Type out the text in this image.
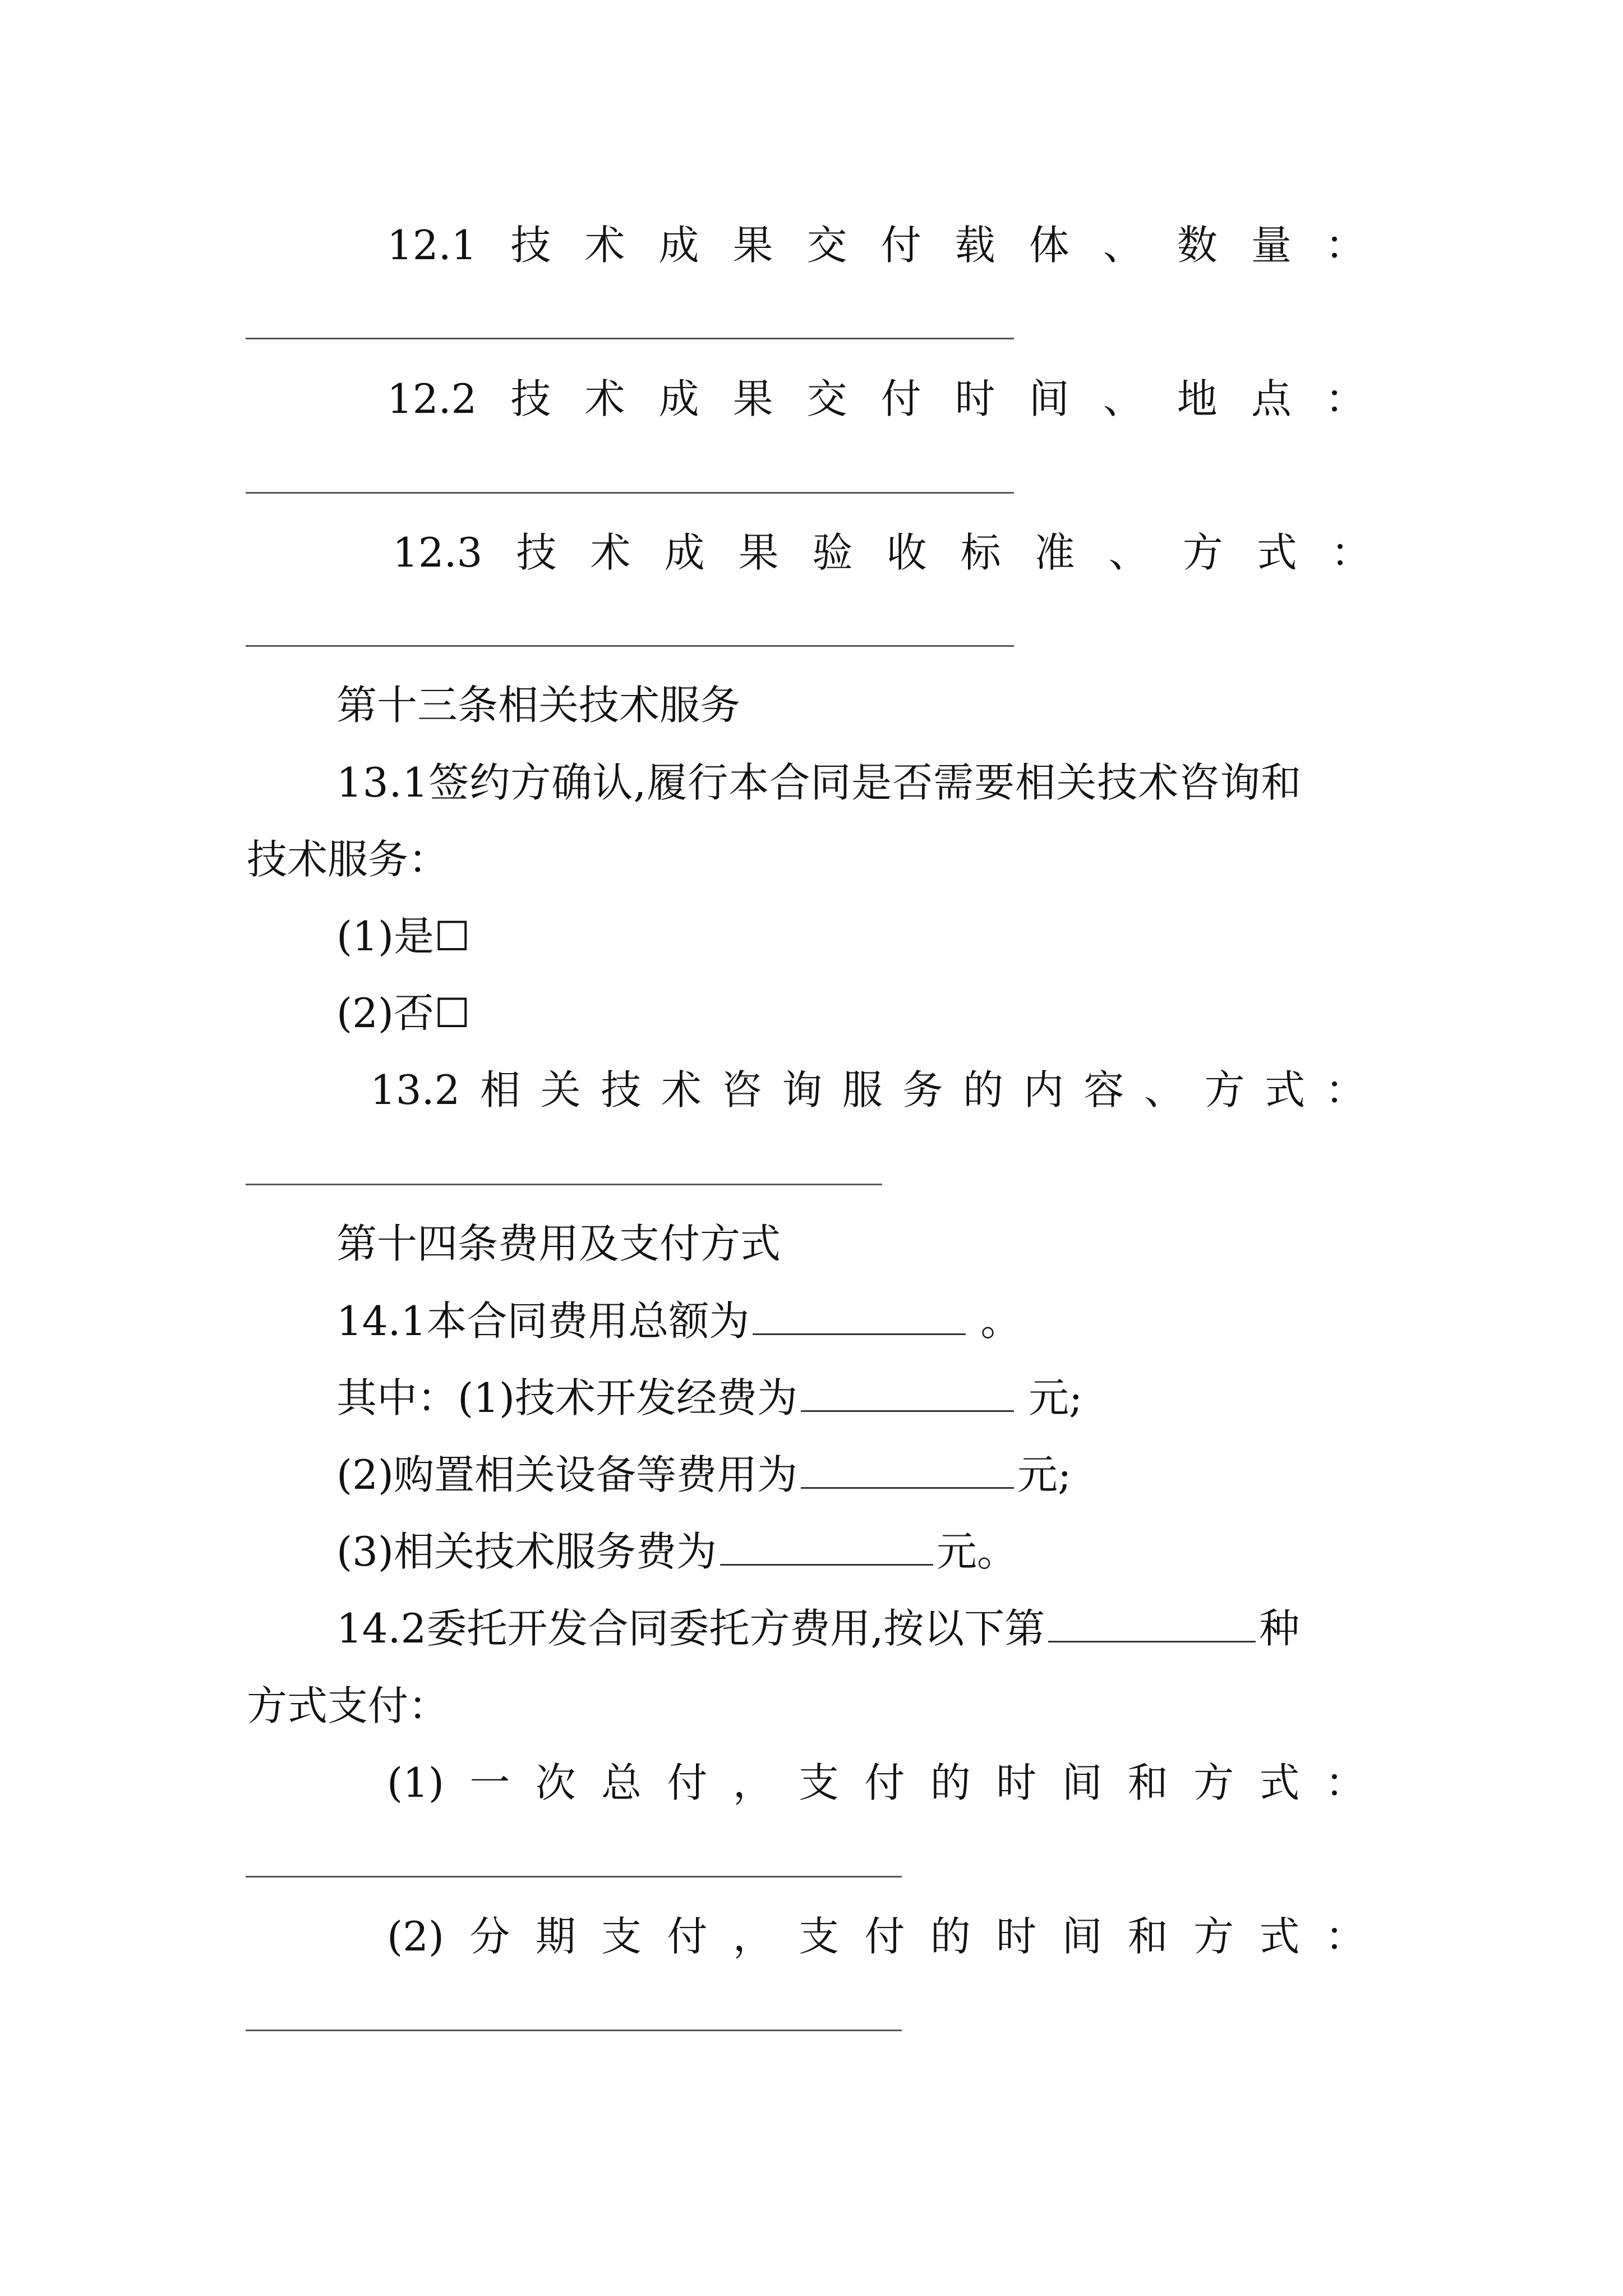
12.1 技 术 成 果 交 付 载 体 、 数 量 ：
12.2 技 术 成 果 交 付 时 间 、 地 点 ：
12.3 技 术 成 果 验 收 标 准 、 方 式 ：
第十三条相关技术服务
13.1签约方确认,履行本合同是否需要相关技术咨询和
技术服务：
(1)是☐
(2)否☐
13.2 相 关 技 术 咨 询 服 务 的 内 容 、 方 式 ：
第十四条费用及支付方式
14.1本合同费用总额为	。
其中：(1)技术开发经费为	元;
(2)购置相关设备等费用为	元;
(3)相关技术服务费为	元。
14.2委托开发合同委托方费用,按以下第	种
方式支付：
(1) 一 次 总 付 ， 支 付 的 时 间 和 方 式 ：
(2) 分 期 支 付 ， 支 付 的 时 间 和 方 式 ：
